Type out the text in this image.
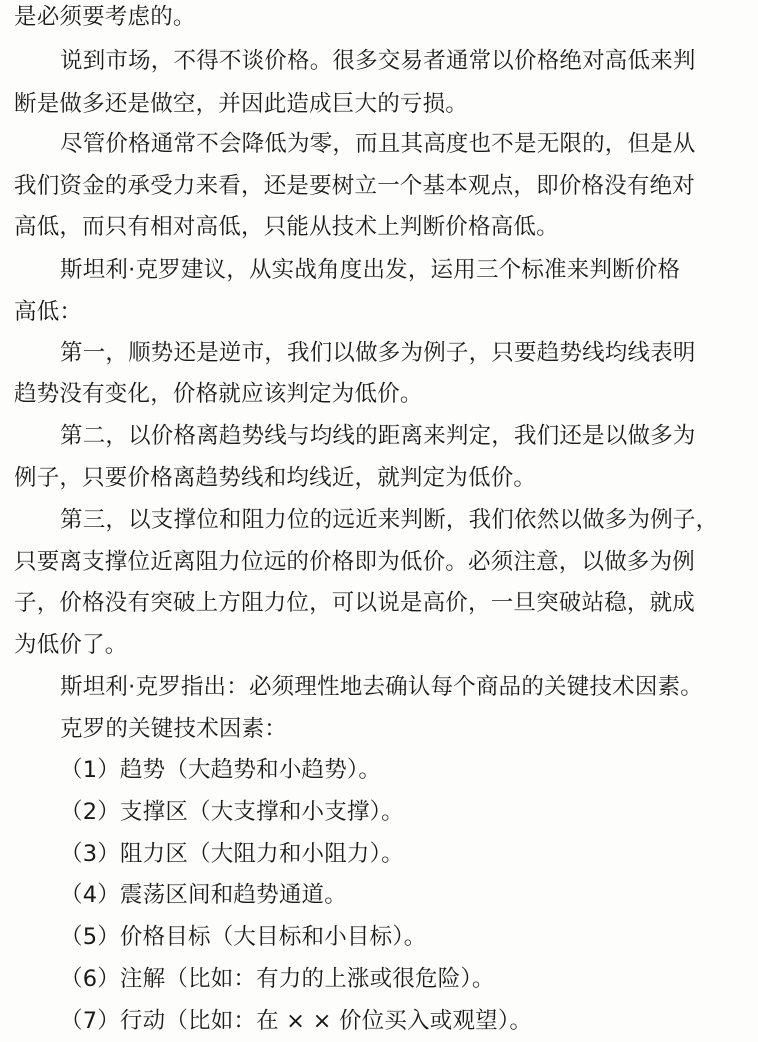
是必须要考虑的。
说到市场，不得不谈价格。很多交易者通常以价格绝对高低来判
断是做多还是做空，并因此造成巨大的亏损。
尽管价格通常不会降低为零，而且其高度也不是无限的，但是从
我们资金的承受力来看，还是要树立一个基本观点，即价格没有绝对
高低，而只有相对高低，只能从技术上判断价格高低。
斯坦利·克罗建议，从实战角度出发，运用三个标准来判断价格
高低：
第一，顺势还是逆市，我们以做多为例子，只要趋势线均线表明
趋势没有变化，价格就应该判定为低价。
第二，以价格离趋势线与均线的距离来判定，我们还是以做多为
例子，只要价格离趋势线和均线近，就判定为低价。
第三，以支撑位和阻力位的远近来判断，我们依然以做多为例子，
只要离支撑位近离阻力位远的价格即为低价。必须注意，以做多为例
子，价格没有突破上方阻力位，可以说是高价，一旦突破站稳，就成
为低价了。
斯坦利·克罗指出：必须理性地去确认每个商品的关键技术因素。
克罗的关键技术因素：
（1）趋势（大趋势和小趋势）。
（2）支撑区（大支撑和小支撑）。
（3）阻力区（大阻力和小阻力）。
（4）震荡区间和趋势通道。
（5）价格目标（大目标和小目标）。
（6）注解（比如：有力的上涨或很危险）。
（7）行动（比如：在 × × 价位买入或观望）。
